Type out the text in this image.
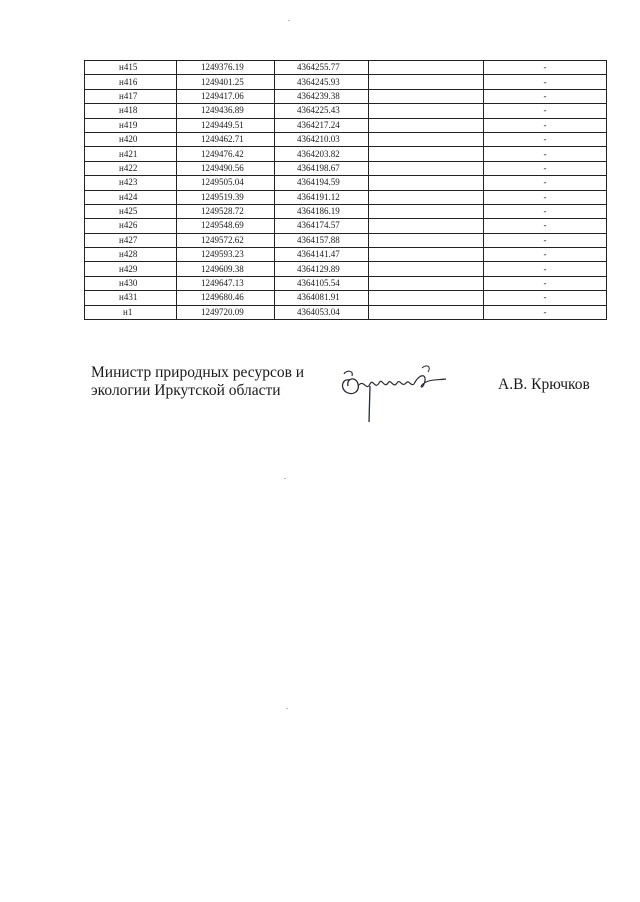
н415	1249376.19	4364255.77		-
н416	1249401.25	4364245.93		-
н417	1249417.06	4364239.38		-
н418	1249436.89	4364225.43		-
н419	1249449.51	4364217.24		-
н420	1249462.71	4364210.03		-
н421	1249476.42	4364203.82		-
н422	1249490.56	4364198.67		-
н423	1249505.04	4364194.59		-
н424	1249519.39	4364191.12		-
н425	1249528.72	4364186.19		-
н426	1249548.69	4364174.57		-
н427	1249572.62	4364157.88		-
н428	1249593.23	4364141.47		-
н429	1249609.38	4364129.89		-
н430	1249647.13	4364105.54		-
н431	1249680.46	4364081.91		-
н1	1249720.09	4364053.04		-
Министр природных ресурсов и
экологии Иркутской области	А.В. Крючков
